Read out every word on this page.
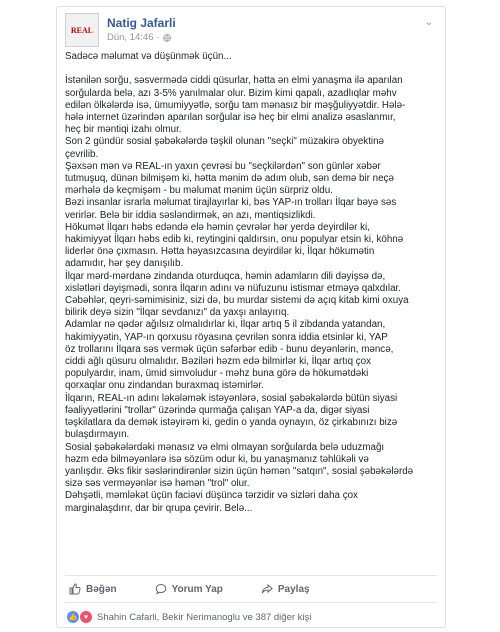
REAL Natig Jafarli
Dün, 14:46 ·
⌄
Sadəcə məlumat və düşünmək üçün...

İstənilən sorğu, səsvermədə ciddi qüsurlar, hətta ən elmi yanaşma ilə aparılan
sorğularda belə, azı 3-5% yanılmalar olur. Bizim kimi qapalı, azadlıqlar məhv
edilən ölkələrdə isə, ümumiyyətlə, sorğu tam mənasız bir məşğuliyyətdir. Hələ-
hələ internet üzərindən aparılan sorğular isə heç bir elmi analizə əsaslanmır,
heç bir məntiqi izahı olmur.
Son 2 gündür sosial şəbəkələrdə təşkil olunan "seçki" müzakirə obyektinə
çevrilib.
Şəxsən mən və REAL-ın yaxın çevrəsi bu "seçkilərdən" son günlər xəbər
tutmuşuq, dünən bilmişəm ki, hətta mənim də adım olub, sən demə bir neçə
mərhələ də keçmişəm - bu məlumat mənim üçün sürpriz oldu.
Bəzi insanlar israrla məlumat tirajlayırlar ki, bəs YAP-ın trolları İlqar bəyə səs
verirlər. Belə bir iddia səsləndirmək, ən azı, məntiqsizlikdi.
Hökumət İlqarı həbs edəndə elə həmin çevrələr hər yerdə deyirdilər ki,
hakimiyyət İlqarı həbs edib ki, reytingini qaldırsın, onu populyar etsin ki, köhnə
liderlər önə çıxmasın. Hətta həyasızcasına deyirdilər ki, İlqar hökumətin
adamıdır, hər şey danışılıb.
İlqar mərd-mərdanə zindanda oturduqca, həmin adamların dili dəyişsə də,
xislətləri dəyişmədi, sonra İlqarın adını və nüfuzunu istismar etməyə qalxdılar.
Cəbəhlər, qeyri-səmimisiniz, sizi də, bu murdar sistemi də açıq kitab kimi oxuya
bilirik deyə sizin "İlqar sevdanızı" da yaxşı anlayırıq.
Adamlar nə qədər ağılsız olmalıdırlar ki, İlqar artıq 5 il zibdanda yatandan,
hakimiyyətin, YAP-ın qorxusu röyasına çevrilən sonra iddia etsinlər ki, YAP
öz trollarını İlqara səs vermək üçün səfərbər edib - bunu deyənlərin, məncə,
ciddi ağlı qüsuru olmalıdır. Bəziləri həzm edə bilmirlər ki, İlqar artıq çox
populyardır, inam, ümid simvoludur - məhz buna görə də hökumətdəki
qorxaqlar onu zindandan buraxmaq istəmirlər.
İlqarın, REAL-ın adını ləkələmək istəyənlərə, sosial şəbəkələrdə bütün siyasi
fəaliyyətlərini "trollar" üzərində qurmağa çalışan YAP-a da, digər siyasi
təşkilatlara da demək istəyirəm ki, gedin o yanda oynayın, öz çirkabınızı bizə
bulaşdırmayın.
Sosial şəbəkələrdəki mənasız və elmi olmayan sorğularda belə uduzmağı
həzm edə bilməyənlərə isə sözüm odur ki, bu yanaşmanız təhlükəli və
yanlışdır. Əks fikir səslərindirənlər sizin üçün həmən "satqın", sosial şəbəkələrdə
sizə səs verməyənlər isə həmən "trol" olur.
Dəhşətli, məmləkət üçün faciəvi düşüncə tərzidir və sizləri daha çox
marginalaşdırır, dar bir qrupa çevirir. Belə...
Bəğən	Yorum Yap	Paylaş
👍 ♥ Shahin Cafarli, Bekir Nerimanoglu ve 387 diğer kişi
